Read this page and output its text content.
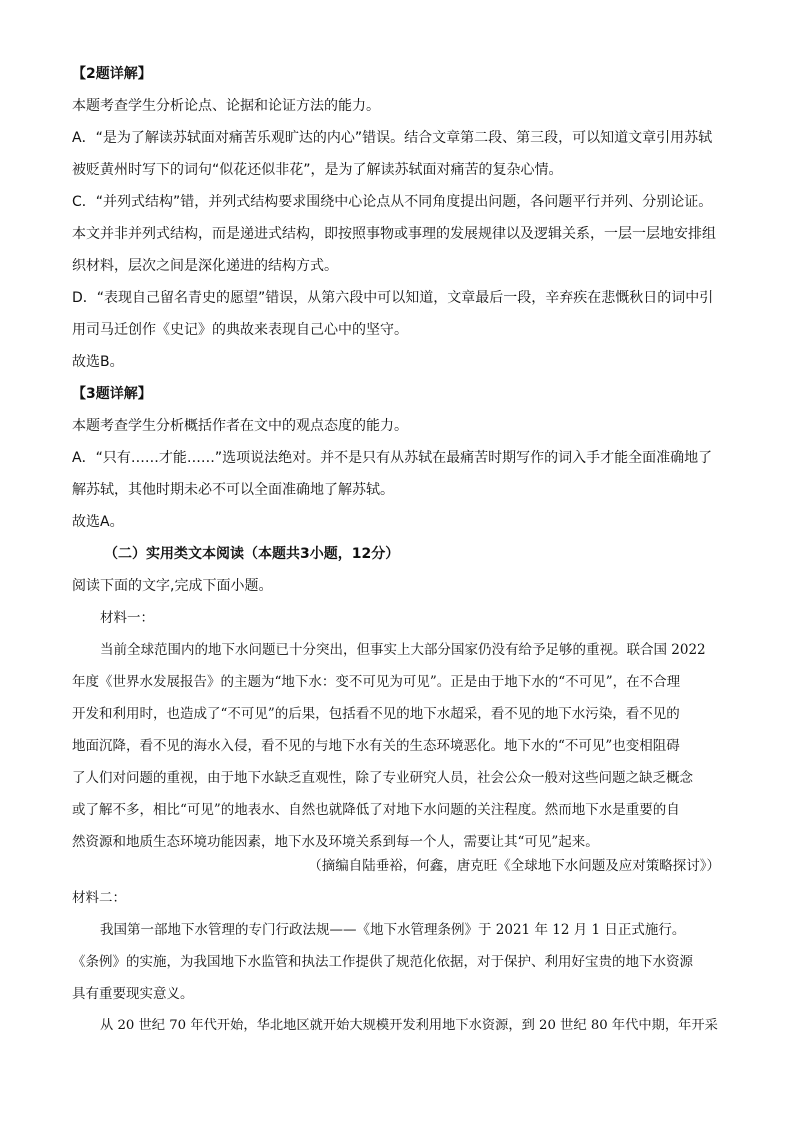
【2题详解】
本题考查学生分析论点、论据和论证方法的能力。
A．“是为了解读苏轼面对痛苦乐观旷达的内心”错误。结合文章第二段、第三段，可以知道文章引用苏轼
被贬黄州时写下的词句“似花还似非花”，是为了解读苏轼面对痛苦的复杂心情。
C．“并列式结构”错，并列式结构要求围绕中心论点从不同角度提出问题，各问题平行并列、分别论证。
本文并非并列式结构，而是递进式结构，即按照事物或事理的发展规律以及逻辑关系，一层一层地安排组
织材料，层次之间是深化递进的结构方式。
D．“表现自己留名青史的愿望”错误，从第六段中可以知道，文章最后一段，辛弃疾在悲慨秋日的词中引
用司马迁创作《史记》的典故来表现自己心中的坚守。
故选B。
【3题详解】
本题考查学生分析概括作者在文中的观点态度的能力。
A．“只有……才能……”选项说法绝对。并不是只有从苏轼在最痛苦时期写作的词入手才能全面准确地了
解苏轼，其他时期未必不可以全面准确地了解苏轼。
故选A。
（二）实用类文本阅读（本题共3小题，12分）
阅读下面的文字,完成下面小题。
材料一：
当前全球范围内的地下水问题已十分突出，但事实上大部分国家仍没有给予足够的重视。联合国 2022
年度《世界水发展报告》的主题为“地下水：变不可见为可见”。正是由于地下水的“不可见”，在不合理
开发和利用时，也造成了“不可见”的后果，包括看不见的地下水超采，看不见的地下水污染，看不见的
地面沉降，看不见的海水入侵，看不见的与地下水有关的生态环境恶化。地下水的“不可见”也变相阻碍
了人们对问题的重视，由于地下水缺乏直观性，除了专业研究人员，社会公众一般对这些问题之缺乏概念
或了解不多，相比“可见”的地表水、自然也就降低了对地下水问题的关注程度。然而地下水是重要的自
然资源和地质生态环境功能因素，地下水及环境关系到每一个人，需要让其“可见”起来。
（摘编自陆垂裕，何鑫，唐克旺《全球地下水问题及应对策略探讨》）
材料二：
我国第一部地下水管理的专门行政法规——《地下水管理条例》于 2021 年 12 月 1 日正式施行。
《条例》的实施，为我国地下水监管和执法工作提供了规范化依据，对于保护、利用好宝贵的地下水资源
具有重要现实意义。
从 20 世纪 70 年代开始，华北地区就开始大规模开发利用地下水资源，到 20 世纪 80 年代中期，年开采
